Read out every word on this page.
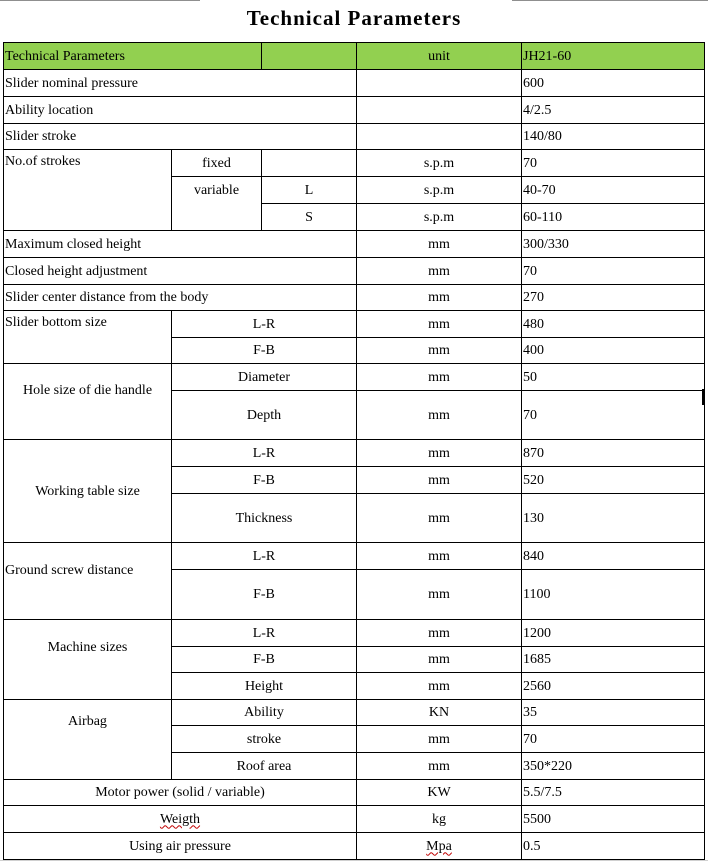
Technical Parameters
Technical Parameters			unit	JH21-60
Slider nominal pressure				600
Ability location				4/2.5
Slider stroke				140/80
No.of strokes	fixed		s.p.m	70
	variable	L	s.p.m	40-70
		S	s.p.m	60-110
Maximum closed height			mm	300/330
Closed height adjustment			mm	70
Slider center distance from the body			mm	270
Slider bottom size	L-R		mm	480
	F-B		mm	400
Hole size of die handle	Diameter		mm	50
	Depth		mm	70
Working table size	L-R		mm	870
	F-B		mm	520
	Thickness		mm	130
Ground screw distance	L-R		mm	840
	F-B		mm	1100
Machine sizes	L-R		mm	1200
	F-B		mm	1685
	Height		mm	2560
Airbag	Ability		KN	35
	stroke		mm	70
	Roof area		mm	350*220
Motor power (solid / variable)			KW	5.5/7.5
Weigth			kg	5500
Using air pressure			Mpa	0.5
